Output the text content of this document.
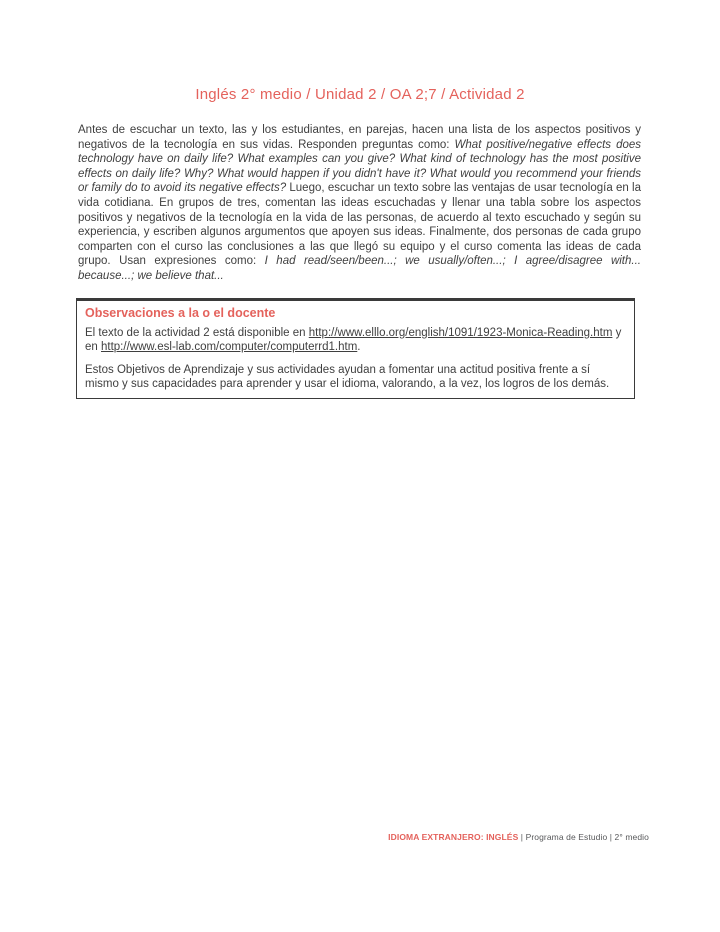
Inglés 2° medio / Unidad 2 / OA 2;7 / Actividad 2

Antes de escuchar un texto, las y los estudiantes, en parejas, hacen una lista de los aspectos positivos y negativos de la tecnología en sus vidas. Responden preguntas como: What positive/negative effects does technology have on daily life? What examples can you give? What kind of technology has the most positive effects on daily life? Why? What would happen if you didn't have it? What would you recommend your friends or family do to avoid its negative effects? Luego, escuchar un texto sobre las ventajas de usar tecnología en la vida cotidiana. En grupos de tres, comentan las ideas escuchadas y llenar una tabla sobre los aspectos positivos y negativos de la tecnología en la vida de las personas, de acuerdo al texto escuchado y según su experiencia, y escriben algunos argumentos que apoyen sus ideas. Finalmente, dos personas de cada grupo comparten con el curso las conclusiones a las que llegó su equipo y el curso comenta las ideas de cada grupo. Usan expresiones como: I had read/seen/been...; we usually/often...; I agree/disagree with... because...; we believe that...

Observaciones a la o el docente

El texto de la actividad 2 está disponible en http://www.elllo.org/english/1091/1923-Monica-Reading.htm y en http://www.esl-lab.com/computer/computerrd1.htm.

Estos Objetivos de Aprendizaje y sus actividades ayudan a fomentar una actitud positiva frente a sí mismo y sus capacidades para aprender y usar el idioma, valorando, a la vez, los logros de los demás.

IDIOMA EXTRANJERO: INGLÉS | Programa de Estudio | 2° medio
